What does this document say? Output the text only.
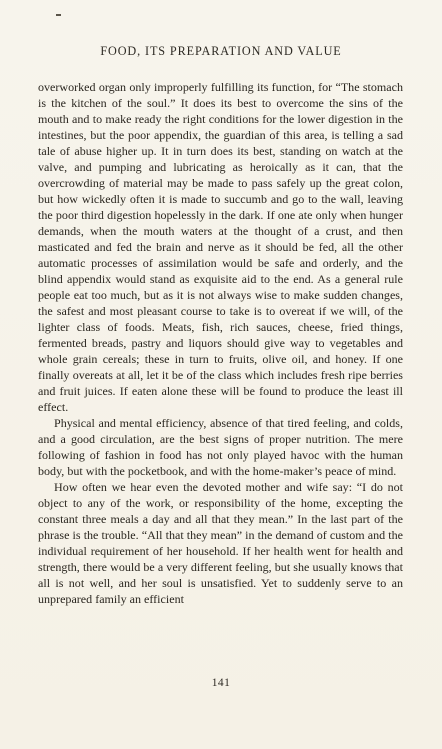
FOOD, ITS PREPARATION AND VALUE

overworked organ only improperly fulfilling its function, for “The stomach is the kitchen of the soul.” It does its best to overcome the sins of the mouth and to make ready the right conditions for the lower digestion in the intestines, but the poor appendix, the guardian of this area, is telling a sad tale of abuse higher up. It in turn does its best, standing on watch at the valve, and pumping and lubricating as heroically as it can, that the overcrowding of material may be made to pass safely up the great colon, but how wickedly often it is made to succumb and go to the wall, leaving the poor third digestion hopelessly in the dark. If one ate only when hunger demands, when the mouth waters at the thought of a crust, and then masticated and fed the brain and nerve as it should be fed, all the other automatic processes of assimilation would be safe and orderly, and the blind appendix would stand as exquisite aid to the end. As a general rule people eat too much, but as it is not always wise to make sudden changes, the safest and most pleasant course to take is to overeat if we will, of the lighter class of foods. Meats, fish, rich sauces, cheese, fried things, fermented breads, pastry and liquors should give way to vegetables and whole grain cereals; these in turn to fruits, olive oil, and honey. If one finally overeats at all, let it be of the class which includes fresh ripe berries and fruit juices. If eaten alone these will be found to produce the least ill effect.

Physical and mental efficiency, absence of that tired feeling, and colds, and a good circulation, are the best signs of proper nutrition. The mere following of fashion in food has not only played havoc with the human body, but with the pocketbook, and with the home-maker’s peace of mind.

How often we hear even the devoted mother and wife say: “I do not object to any of the work, or responsibility of the home, excepting the constant three meals a day and all that they mean.” In the last part of the phrase is the trouble. “All that they mean” in the demand of custom and the individual requirement of her household. If her health went for health and strength, there would be a very different feeling, but she usually knows that all is not well, and her soul is unsatisfied. Yet to suddenly serve to an unprepared family an efficient

141
